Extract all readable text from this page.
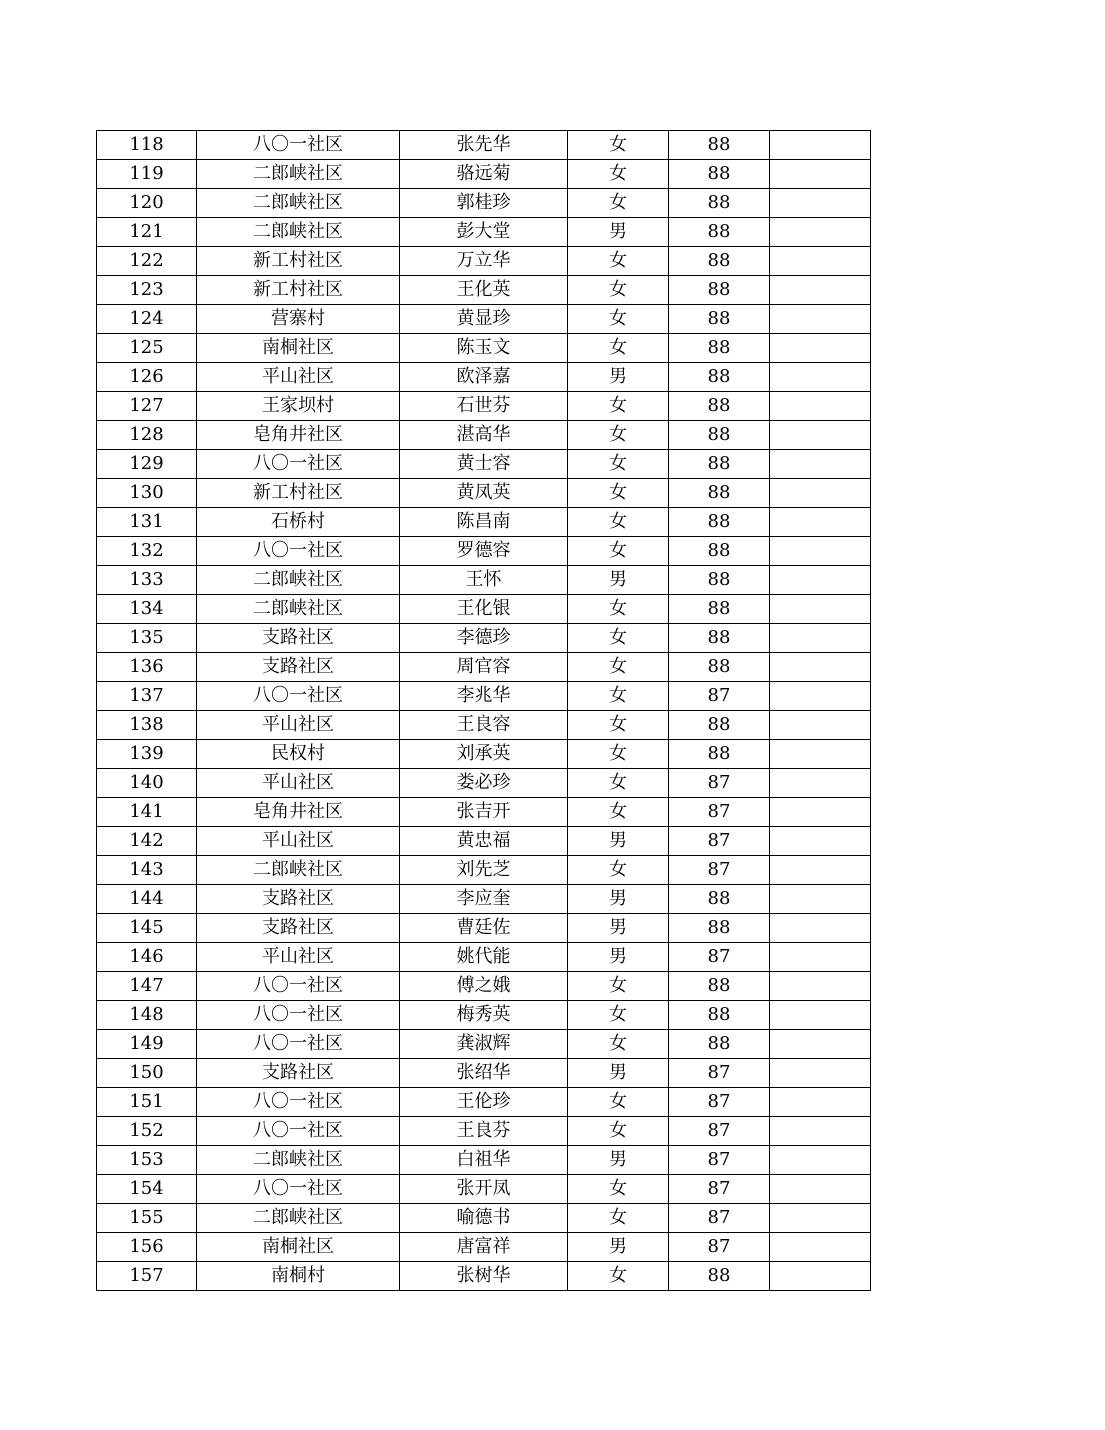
118	八〇一社区	张先华	女	88	
119	二郎峡社区	骆远菊	女	88	
120	二郎峡社区	郭桂珍	女	88	
121	二郎峡社区	彭大堂	男	88	
122	新工村社区	万立华	女	88	
123	新工村社区	王化英	女	88	
124	营寨村	黄显珍	女	88	
125	南桐社区	陈玉文	女	88	
126	平山社区	欧泽嘉	男	88	
127	王家坝村	石世芬	女	88	
128	皂角井社区	湛高华	女	88	
129	八〇一社区	黄士容	女	88	
130	新工村社区	黄凤英	女	88	
131	石桥村	陈昌南	女	88	
132	八〇一社区	罗德容	女	88	
133	二郎峡社区	王怀	男	88	
134	二郎峡社区	王化银	女	88	
135	支路社区	李德珍	女	88	
136	支路社区	周官容	女	88	
137	八〇一社区	李兆华	女	87	
138	平山社区	王良容	女	88	
139	民权村	刘承英	女	88	
140	平山社区	娄必珍	女	87	
141	皂角井社区	张吉开	女	87	
142	平山社区	黄忠福	男	87	
143	二郎峡社区	刘先芝	女	87	
144	支路社区	李应奎	男	88	
145	支路社区	曹廷佐	男	88	
146	平山社区	姚代能	男	87	
147	八〇一社区	傅之娥	女	88	
148	八〇一社区	梅秀英	女	88	
149	八〇一社区	龚淑辉	女	88	
150	支路社区	张绍华	男	87	
151	八〇一社区	王伦珍	女	87	
152	八〇一社区	王良芬	女	87	
153	二郎峡社区	白祖华	男	87	
154	八〇一社区	张开凤	女	87	
155	二郎峡社区	喻德书	女	87	
156	南桐社区	唐富祥	男	87	
157	南桐村	张树华	女	88	
